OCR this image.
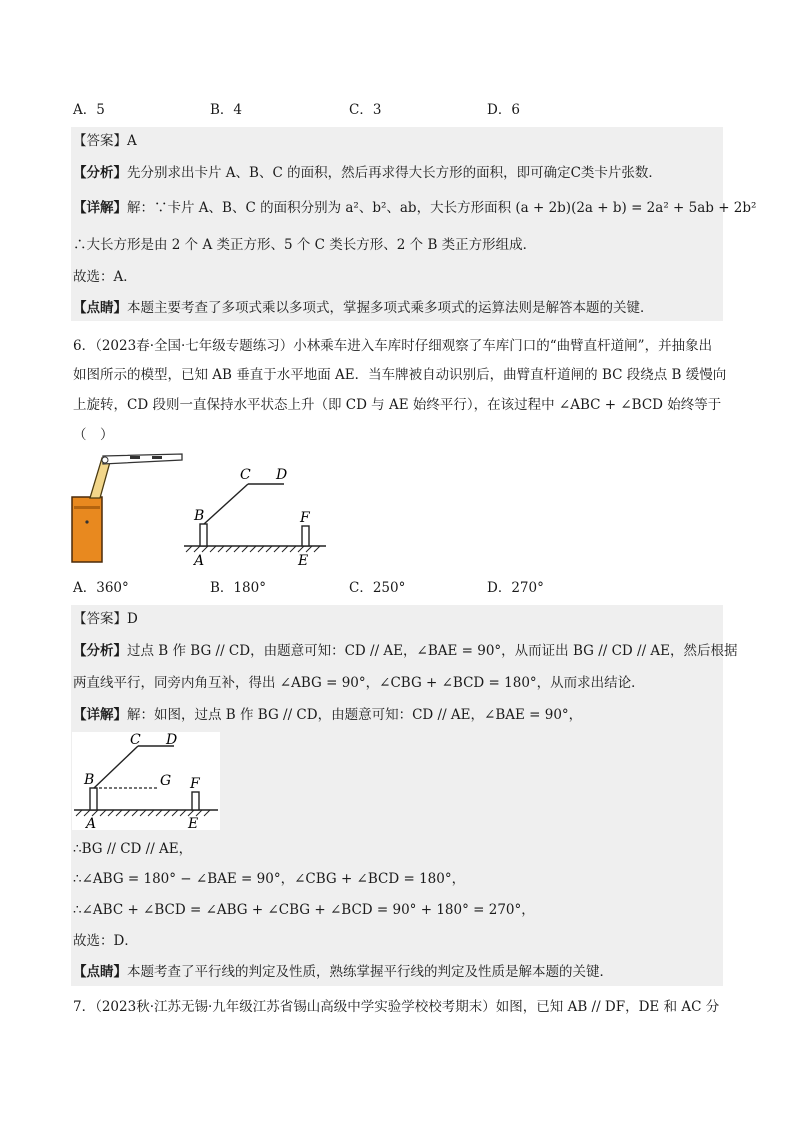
A．5	B．4	C．3	D．6
【答案】A
【分析】先分别求出卡片 A、B、C 的面积，然后再求得大长方形的面积，即可确定C类卡片张数．
【详解】解：∵卡片 A、B、C 的面积分别为 a²、b²、ab，大长方形面积 (a + 2b)(2a + b) = 2a² + 5ab + 2b²
∴大长方形是由 2 个 A 类正方形、5 个 C 类长方形、2 个 B 类正方形组成．
故选：A．
【点睛】本题主要考查了多项式乘以多项式，掌握多项式乘多项式的运算法则是解答本题的关键．
6．（2023春·全国·七年级专题练习）小林乘车进入车库时仔细观察了车库门口的“曲臂直杆道闸”，并抽象出
如图所示的模型，已知 AB 垂直于水平地面 AE．当车牌被自动识别后，曲臂直杆道闸的 BC 段绕点 B 缓慢向
上旋转，CD 段则一直保持水平状态上升（即 CD 与 AE 始终平行），在该过程中 ∠ABC + ∠BCD 始终等于
（　）
B
A
C D
F
E
A．360°	B．180°	C．250°	D．270°
【答案】D
【分析】过点 B 作 BG // CD，由题意可知：CD // AE，∠BAE = 90°，从而证出 BG // CD // AE，然后根据
两直线平行，同旁内角互补，得出 ∠ABG = 90°，∠CBG + ∠BCD = 180°，从而求出结论．
【详解】解：如图，过点 B 作 BG // CD，由题意可知：CD // AE，∠BAE = 90°，
B
A
C D
G F
E
∴BG // CD // AE，
∴∠ABG = 180° − ∠BAE = 90°，∠CBG + ∠BCD = 180°，
∴∠ABC + ∠BCD = ∠ABG + ∠CBG + ∠BCD = 90° + 180° = 270°，
故选：D．
【点睛】本题考查了平行线的判定及性质，熟练掌握平行线的判定及性质是解本题的关键．
7．（2023秋·江苏无锡·九年级江苏省锡山高级中学实验学校校考期末）如图，已知 AB // DF，DE 和 AC 分
